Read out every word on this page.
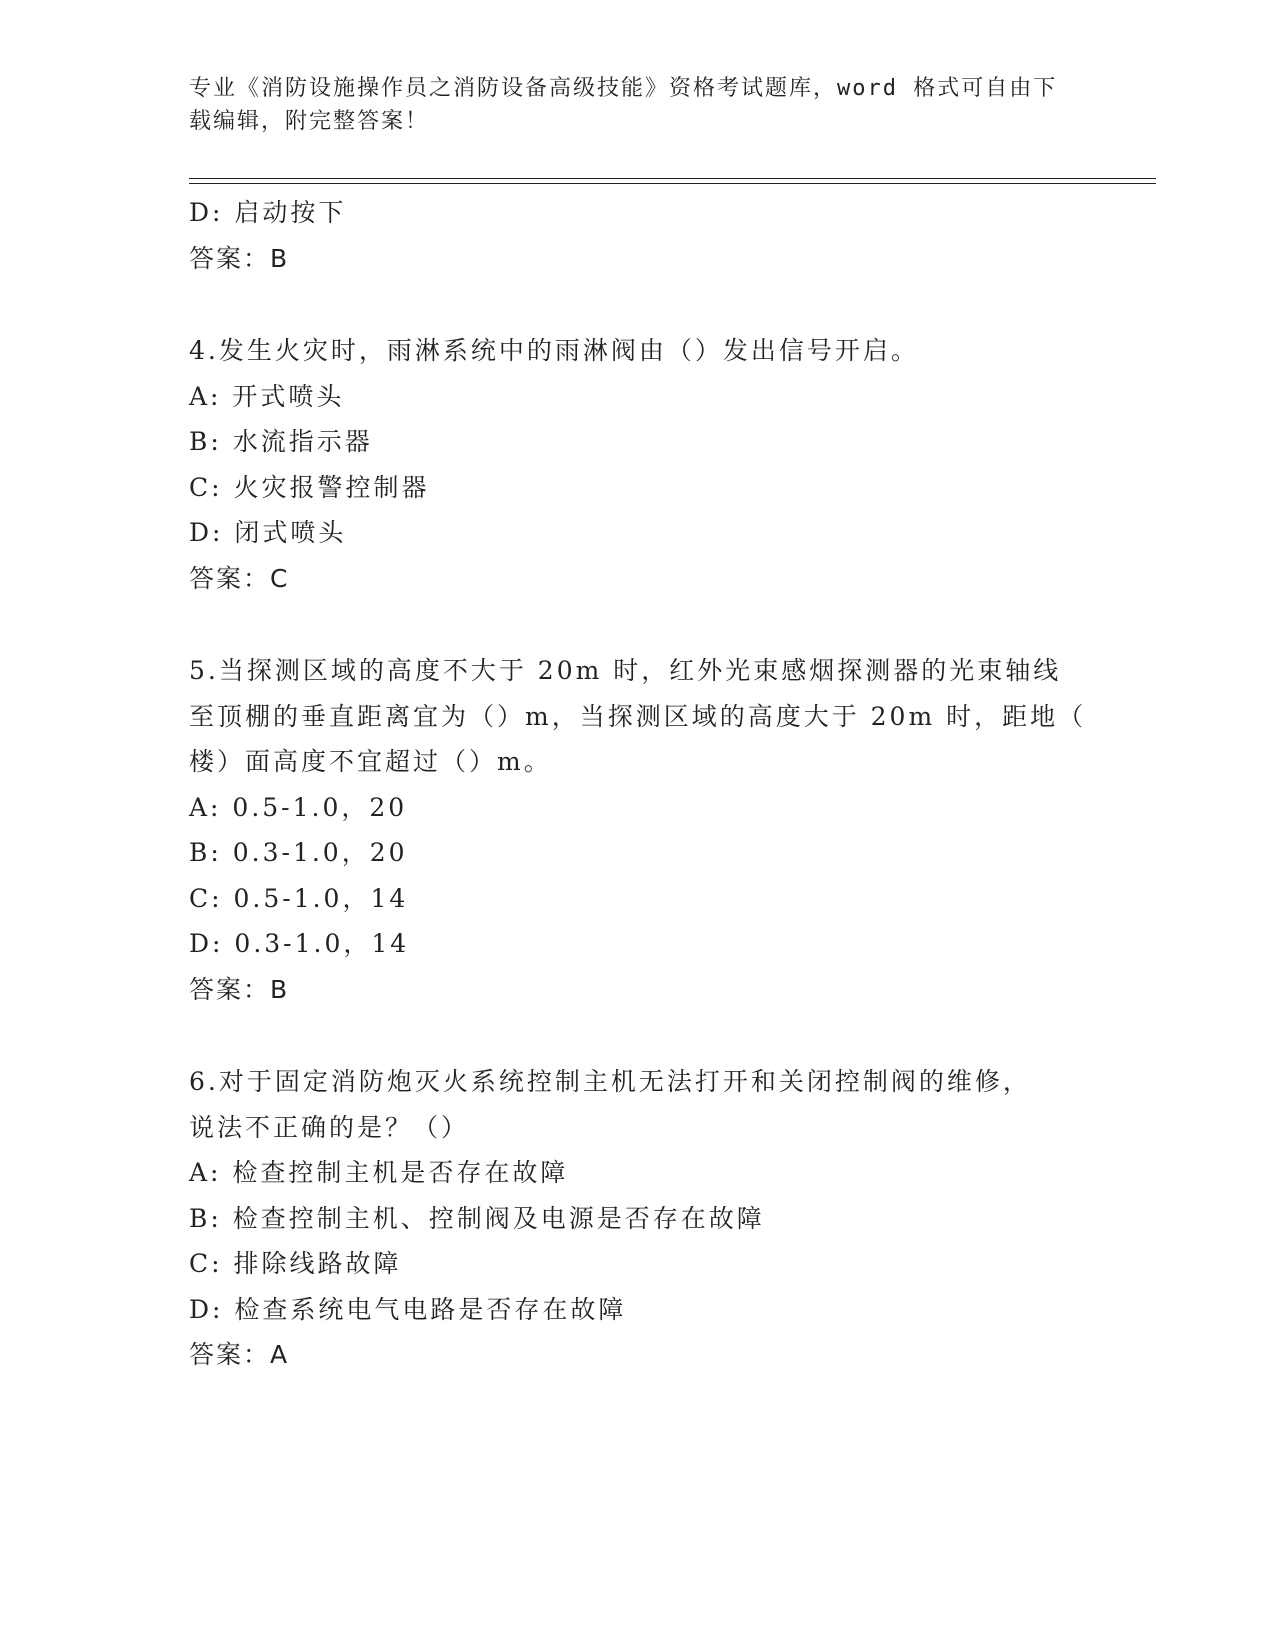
专业《消防设施操作员之消防设备高级技能》资格考试题库，word 格式可自由下
载编辑，附完整答案！
D: 启动按下
答案：B
4.发生火灾时，雨淋系统中的雨淋阀由（）发出信号开启。
A: 开式喷头
B: 水流指示器
C: 火灾报警控制器
D: 闭式喷头
答案：C
5.当探测区域的高度不大于 20m 时，红外光束感烟探测器的光束轴线
至顶棚的垂直距离宜为（）m，当探测区域的高度大于 20m 时，距地（
楼）面高度不宜超过（）m。
A: 0.5-1.0，20
B: 0.3-1.0，20
C: 0.5-1.0，14
D: 0.3-1.0，14
答案：B
6.对于固定消防炮灭火系统控制主机无法打开和关闭控制阀的维修，
说法不正确的是？（）
A: 检查控制主机是否存在故障
B: 检查控制主机、控制阀及电源是否存在故障
C: 排除线路故障
D: 检查系统电气电路是否存在故障
答案：A
